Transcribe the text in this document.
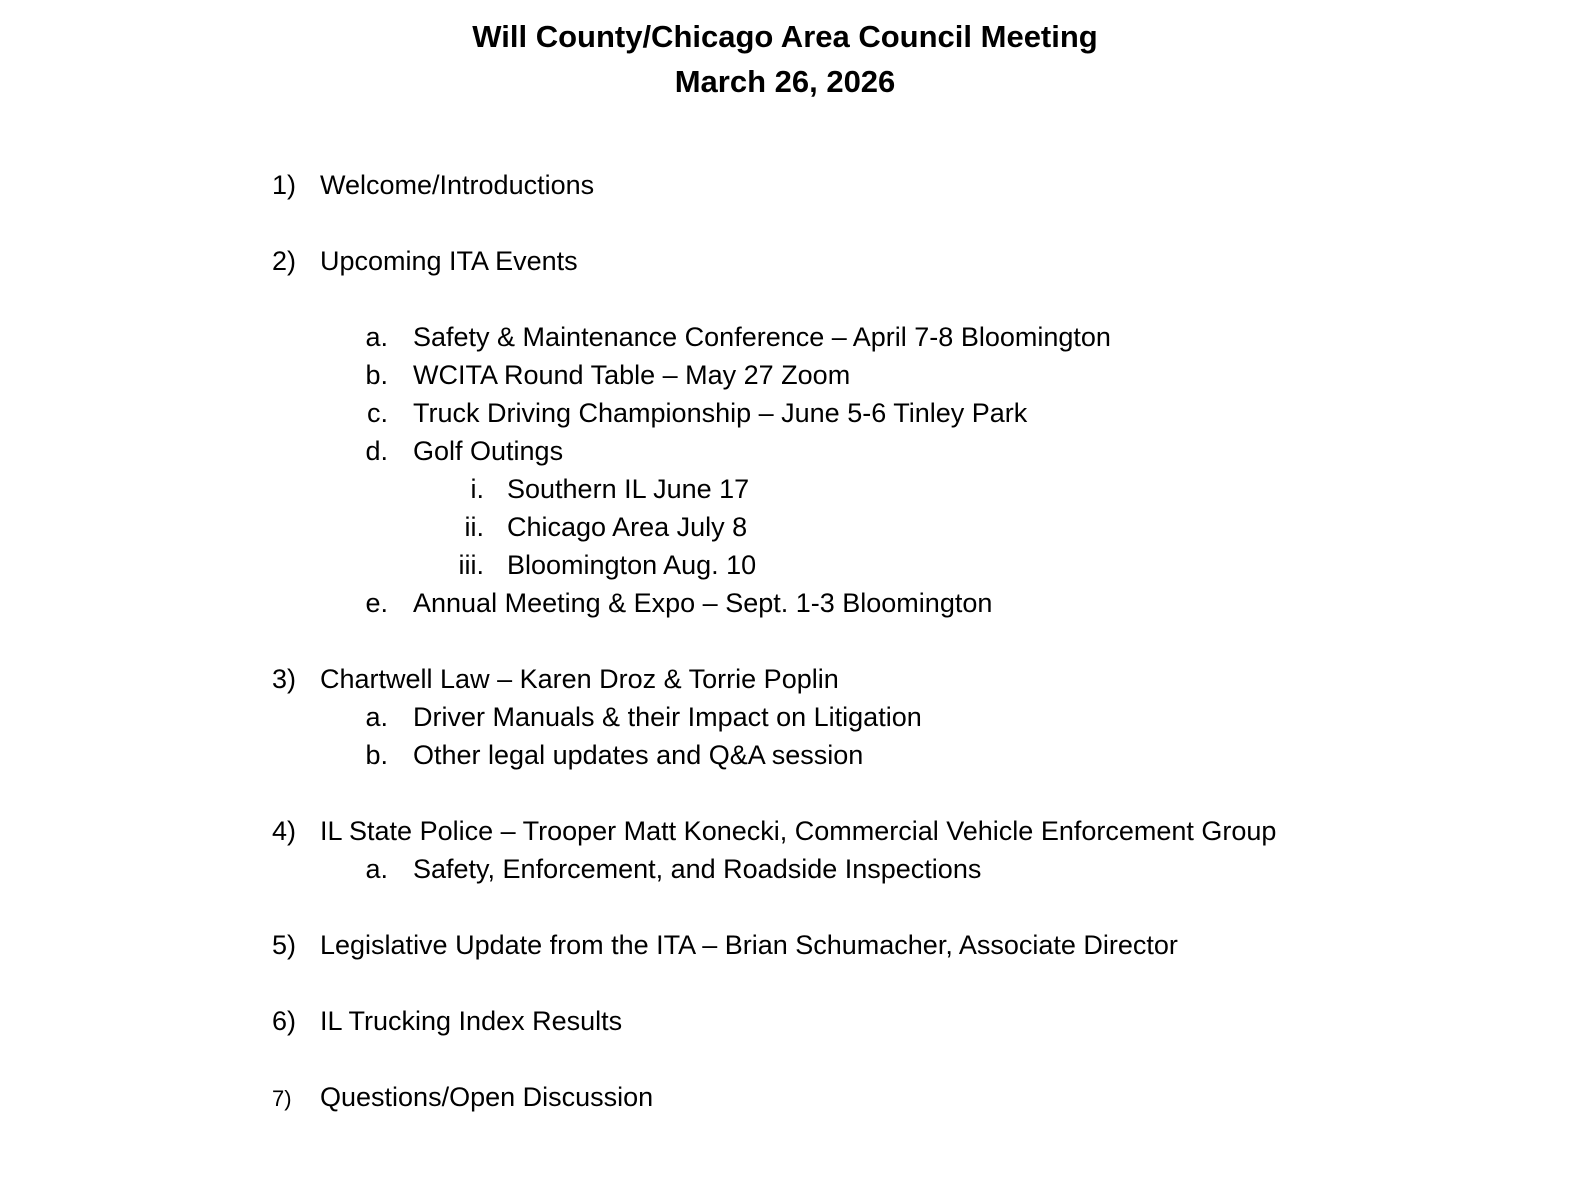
Will County/Chicago Area Council Meeting
March 26, 2026
1) Welcome/Introductions
2) Upcoming ITA Events
a. Safety & Maintenance Conference – April 7-8 Bloomington
b. WCITA Round Table – May 27 Zoom
c. Truck Driving Championship – June 5-6 Tinley Park
d. Golf Outings
i. Southern IL June 17
ii. Chicago Area July 8
iii. Bloomington Aug. 10
e. Annual Meeting & Expo – Sept. 1-3 Bloomington
3) Chartwell Law – Karen Droz & Torrie Poplin
a. Driver Manuals & their Impact on Litigation
b. Other legal updates and Q&A session
4) IL State Police – Trooper Matt Konecki, Commercial Vehicle Enforcement Group
a. Safety, Enforcement, and Roadside Inspections
5) Legislative Update from the ITA – Brian Schumacher, Associate Director
6) IL Trucking Index Results
7) Questions/Open Discussion
